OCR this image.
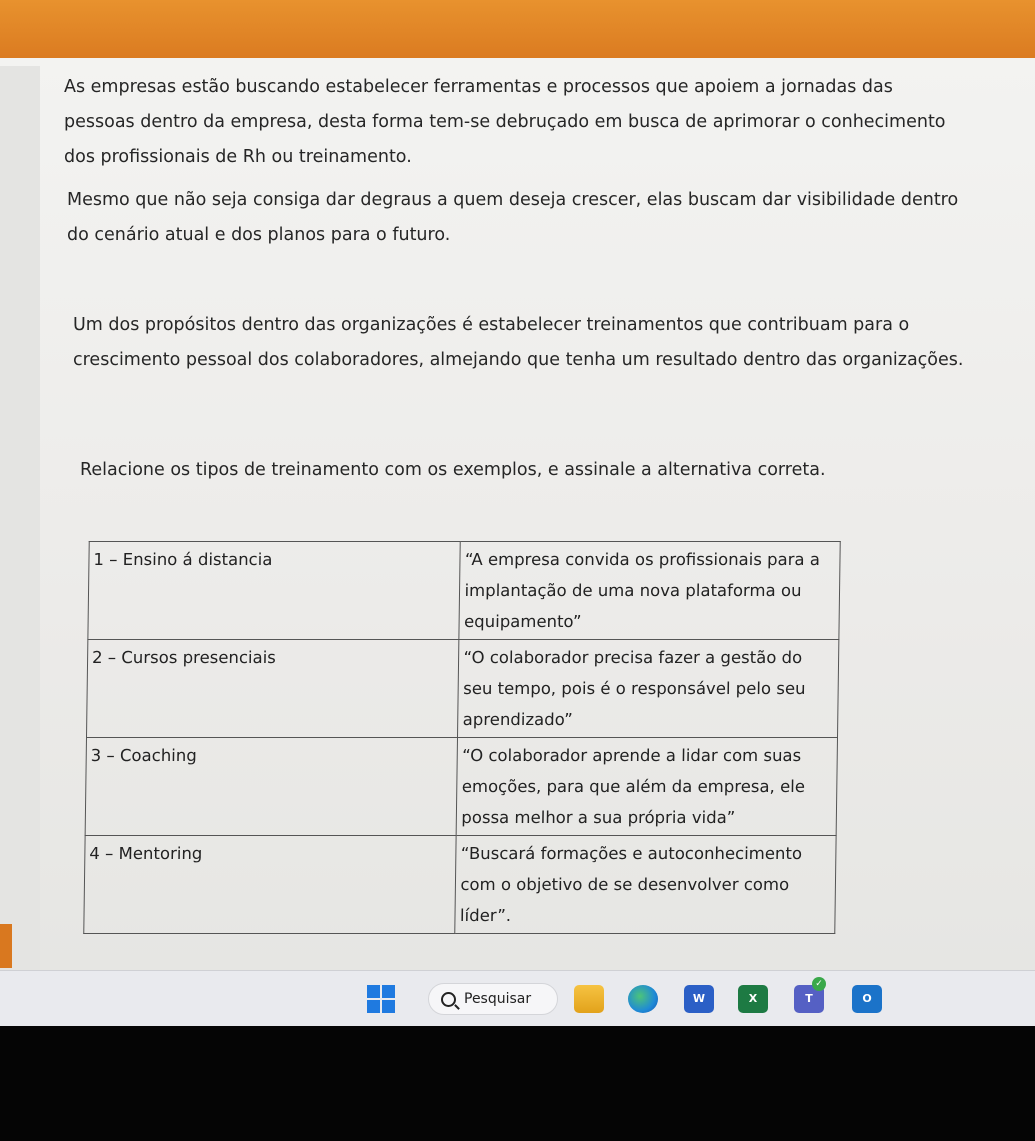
As empresas estão buscando estabelecer ferramentas e processos que apoiem a jornadas das pessoas dentro da empresa, desta forma tem-se debruçado em busca de aprimorar o conhecimento dos profissionais de Rh ou treinamento.

Mesmo que não seja consiga dar degraus a quem deseja crescer, elas buscam dar visibilidade dentro do cenário atual e dos planos para o futuro.

Um dos propósitos dentro das organizações é estabelecer treinamentos que contribuam para o crescimento pessoal dos colaboradores, almejando que tenha um resultado dentro das organizações.

Relacione os tipos de treinamento com os exemplos, e assinale a alternativa correta.

1 – Ensino á distancia	“A empresa convida os profissionais para a implantação de uma nova plataforma ou equipamento”
2 – Cursos presenciais	“O colaborador precisa fazer a gestão do seu tempo, pois é o responsável pelo seu aprendizado”
3 – Coaching	“O colaborador aprende a lidar com suas emoções, para que além da empresa, ele possa melhor a sua própria vida”
4 – Mentoring	“Buscará formações e autoconhecimento com o objetivo de se desenvolver como líder”.
Pesquisar	W	X	T
✓
O
